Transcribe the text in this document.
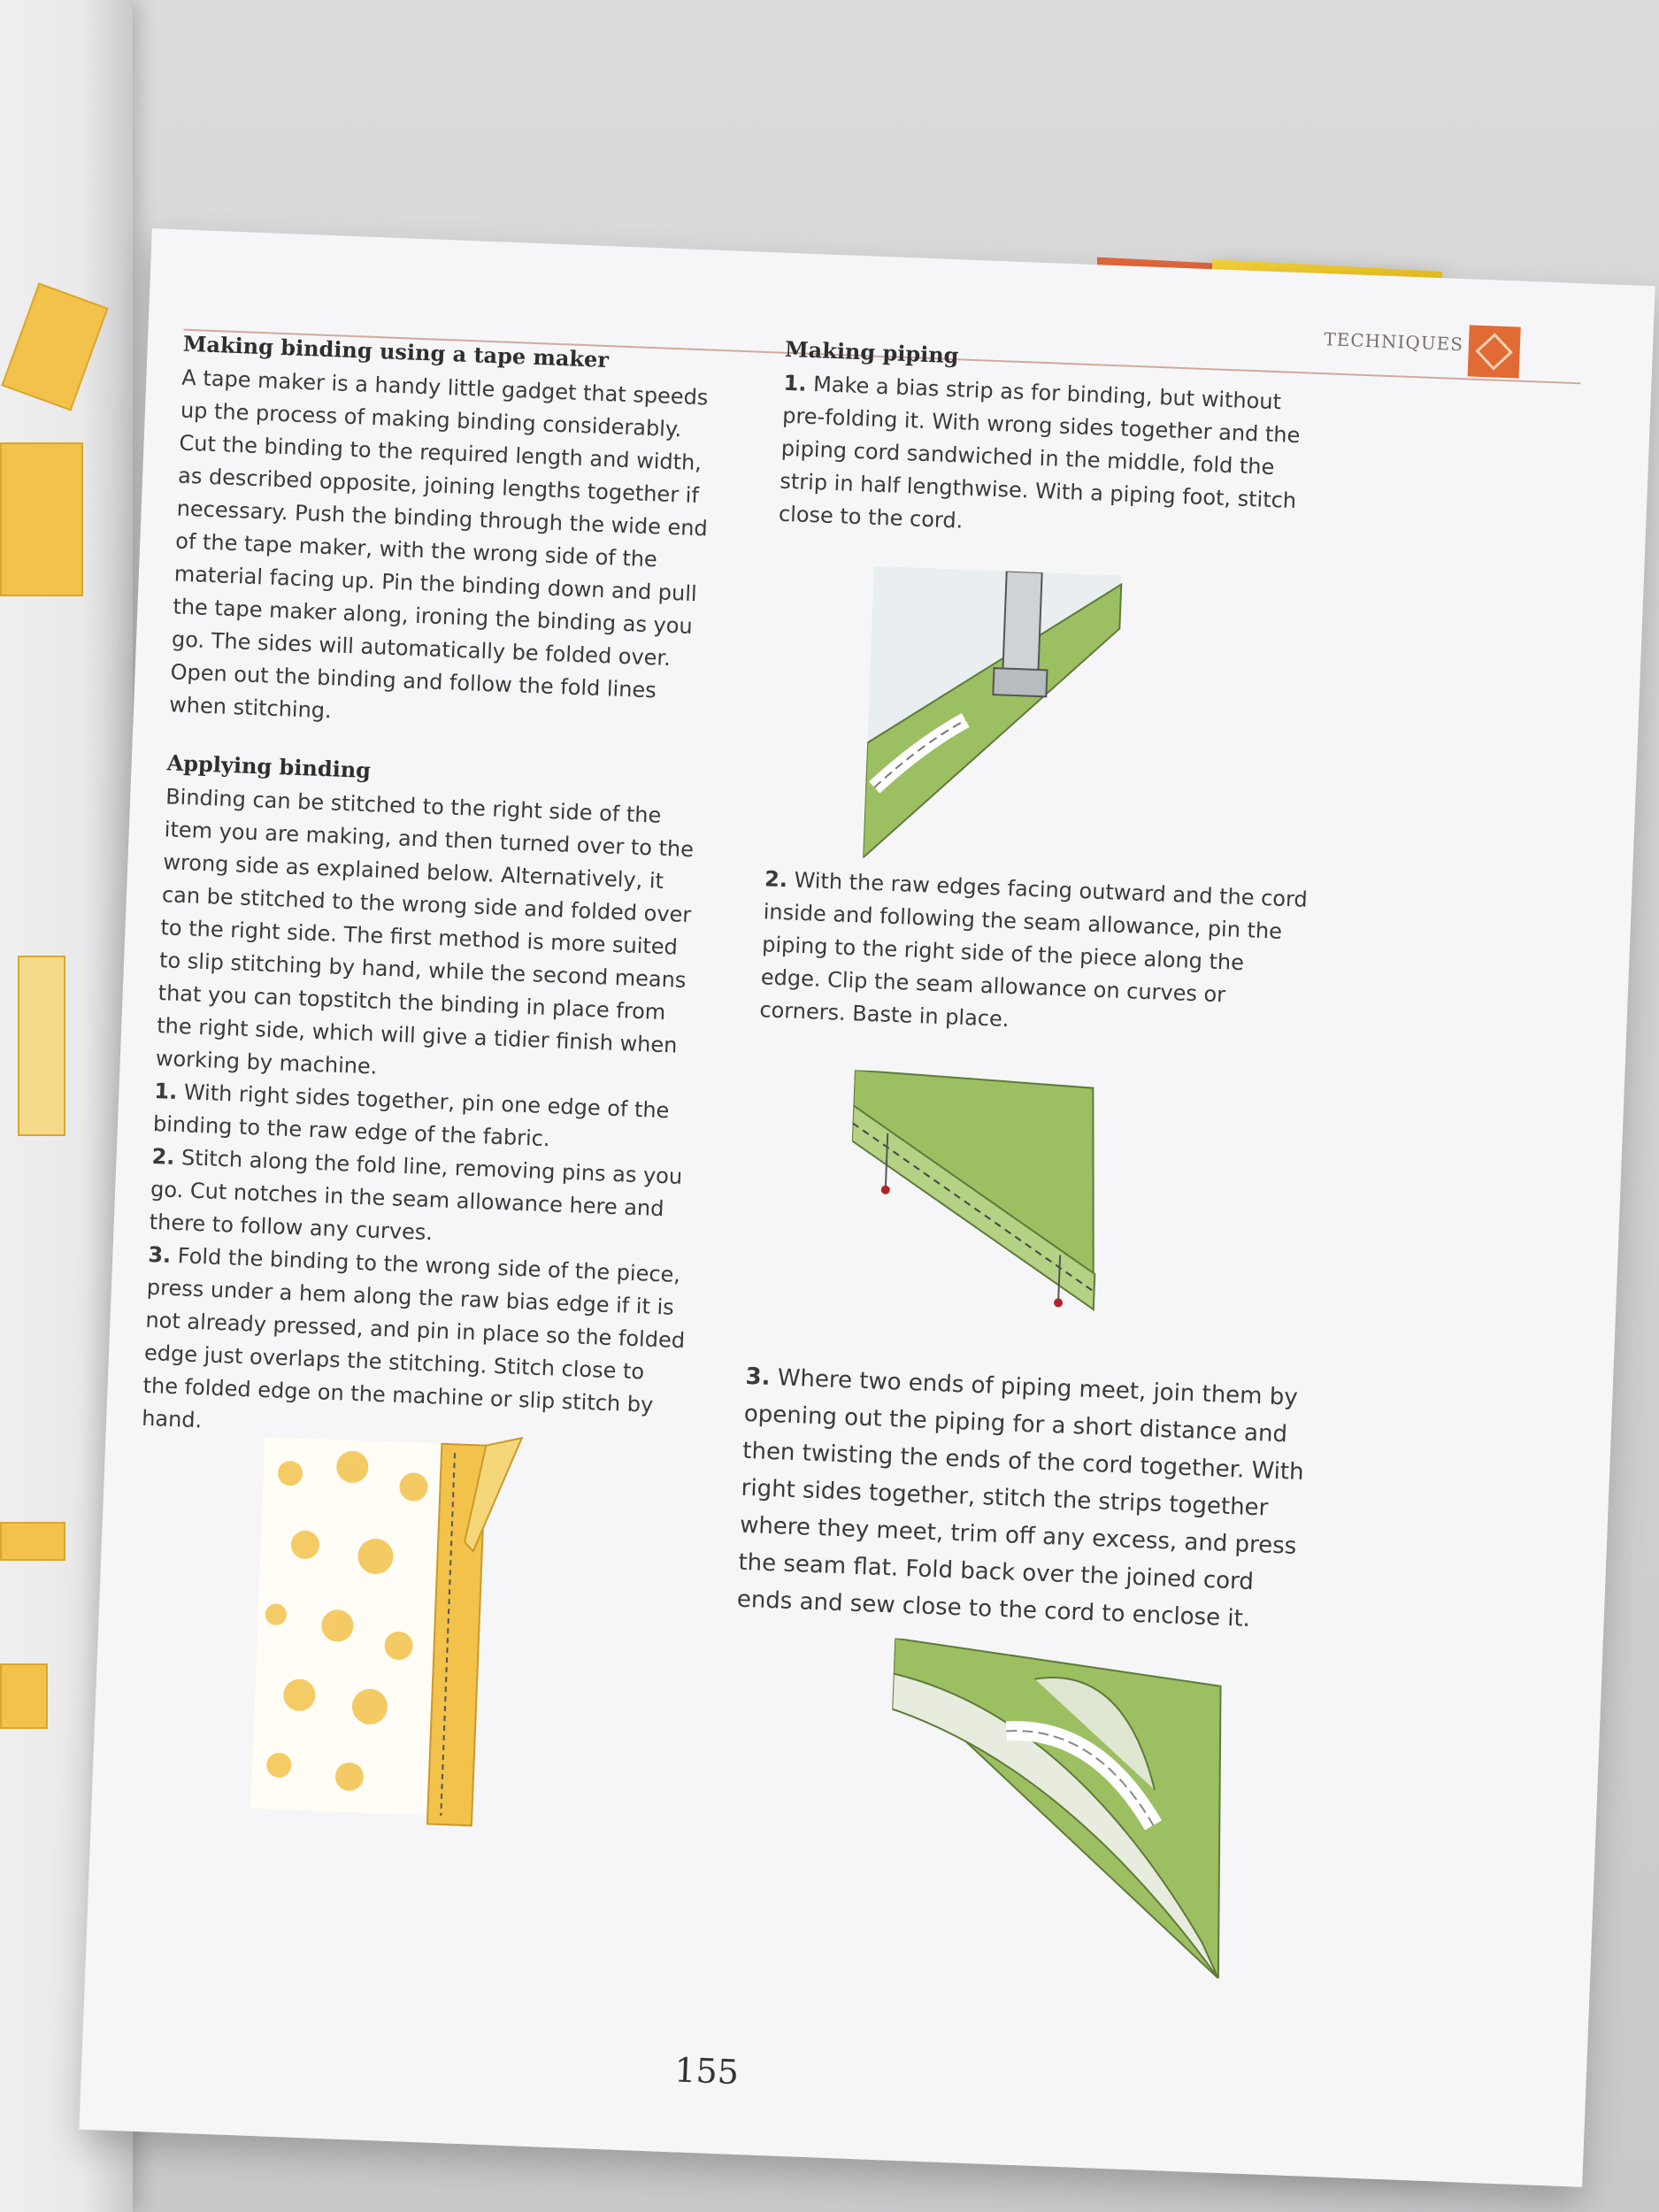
TECHNIQUES
Making binding using a tape maker

A tape maker is a handy little gadget that speeds up the process of making binding considerably. Cut the binding to the required length and width, as described opposite, joining lengths together if necessary. Push the binding through the wide end of the tape maker, with the wrong side of the material facing up. Pin the binding down and pull the tape maker along, ironing the binding as you go. The sides will automatically be folded over. Open out the binding and follow the fold lines when stitching.

Applying binding

Binding can be stitched to the right side of the item you are making, and then turned over to the wrong side as explained below. Alternatively, it can be stitched to the wrong side and folded over to the right side. The first method is more suited to slip stitching by hand, while the second means that you can topstitch the binding in place from the right side, which will give a tidier finish when working by machine.

1. With right sides together, pin one edge of the binding to the raw edge of the fabric.
2. Stitch along the fold line, removing pins as you go. Cut notches in the seam allowance here and there to follow any curves.
3. Fold the binding to the wrong side of the piece, press under a hem along the raw bias edge if it is not already pressed, and pin in place so the folded edge just overlaps the stitching. Stitch close to the folded edge on the machine or slip stitch by hand.
Making piping
1. Make a bias strip as for binding, but without pre-folding it. With wrong sides together and the piping cord sandwiched in the middle, fold the strip in half lengthwise. With a piping foot, stitch close to the cord.
2. With the raw edges facing outward and the cord inside and following the seam allowance, pin the piping to the right side of the piece along the edge. Clip the seam allowance on curves or corners. Baste in place.
3. Where two ends of piping meet, join them by opening out the piping for a short distance and then twisting the ends of the cord together. With right sides together, stitch the strips together where they meet, trim off any excess, and press the seam flat. Fold back over the joined cord ends and sew close to the cord to enclose it.
155
